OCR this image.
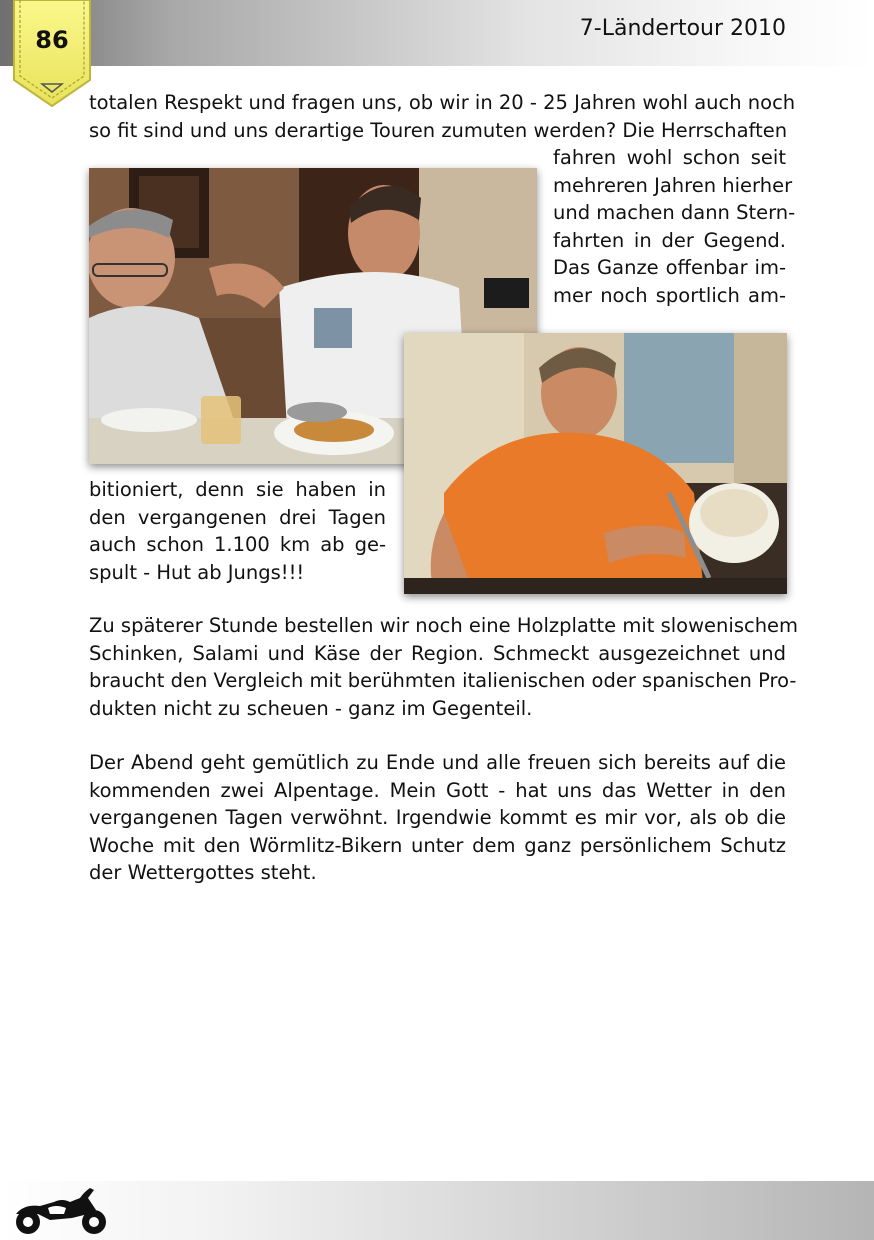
7-Ländertour 2010
86
totalen Respekt und fragen uns, ob wir in 20 - 25 Jahren wohl auch noch
so fit sind und uns derartige Touren zumuten werden? Die Herrschaften
fahren wohl schon seit
mehreren Jahren hierher
und machen dann Stern-
fahrten in der Gegend.
Das Ganze offenbar im-
mer noch sportlich am-
bitioniert, denn sie haben in
den vergangenen drei Tagen
auch schon 1.100 km ab ge-
spult - Hut ab Jungs!!!
Zu späterer Stunde bestellen wir noch eine Holzplatte mit slowenischem
Schinken, Salami und Käse der Region. Schmeckt ausgezeichnet und
braucht den Vergleich mit berühmten italienischen oder spanischen Pro-
dukten nicht zu scheuen - ganz im Gegenteil.
Der Abend geht gemütlich zu Ende und alle freuen sich bereits auf die
kommenden zwei Alpentage. Mein Gott - hat uns das Wetter in den
vergangenen Tagen verwöhnt. Irgendwie kommt es mir vor, als ob die
Woche mit den Wörmlitz-Bikern unter dem ganz persönlichem Schutz
der Wettergottes steht.
